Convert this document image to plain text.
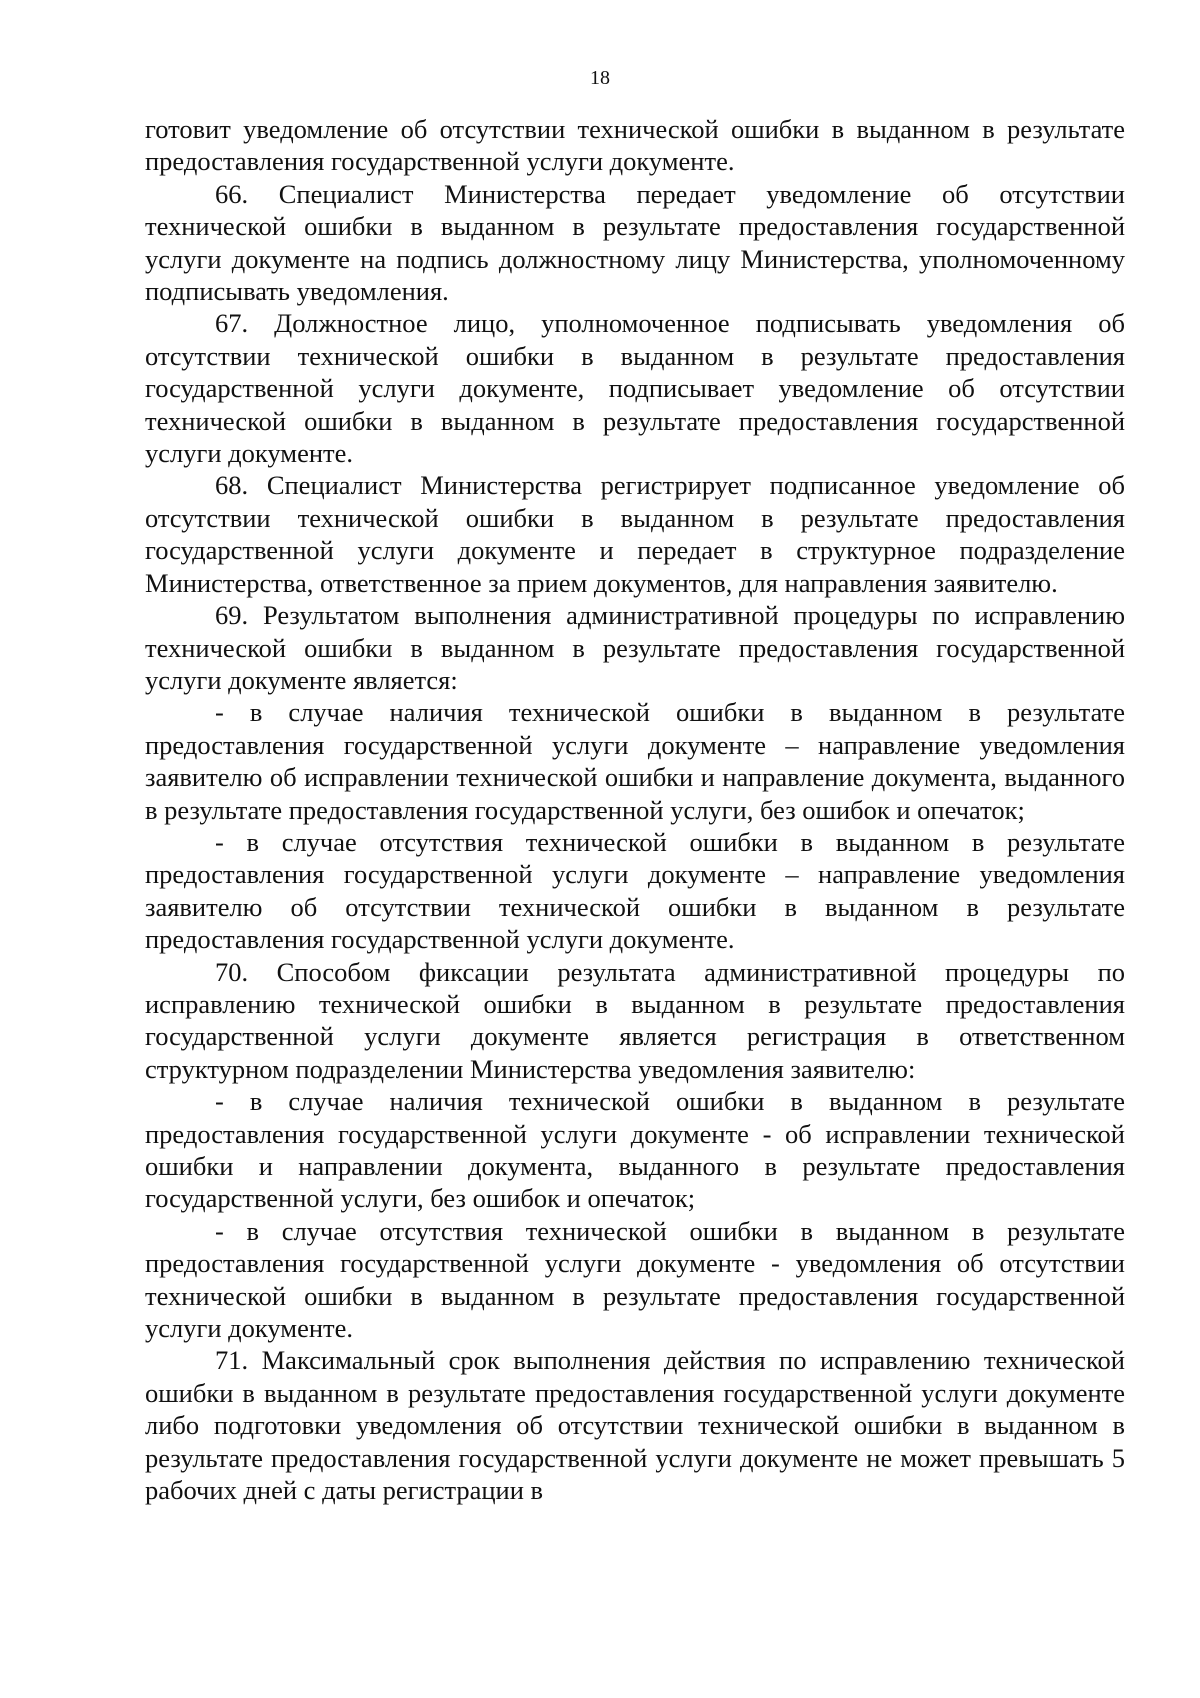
18

готовит уведомление об отсутствии технической ошибки в выданном в результате предоставления государственной услуги документе.

66. Специалист Министерства передает уведомление об отсутствии технической ошибки в выданном в результате предоставления государственной услуги документе на подпись должностному лицу Министерства, уполномоченному подписывать уведомления.

67. Должностное лицо, уполномоченное подписывать уведомления об отсутствии технической ошибки в выданном в результате предоставления государственной услуги документе, подписывает уведомление об отсутствии технической ошибки в выданном в результате предоставления государственной услуги документе.

68. Специалист Министерства регистрирует подписанное уведомление об отсутствии технической ошибки в выданном в результате предоставления государственной услуги документе и передает в структурное подразделение Министерства, ответственное за прием документов, для направления заявителю.

69. Результатом выполнения административной процедуры по исправлению технической ошибки в выданном в результате предоставления государственной услуги документе является:

- в случае наличия технической ошибки в выданном в результате предоставления государственной услуги документе – направление уведомления заявителю об исправлении технической ошибки и направление документа, выданного в результате предоставления государственной услуги, без ошибок и опечаток;

- в случае отсутствия технической ошибки в выданном в результате предоставления государственной услуги документе – направление уведомления заявителю об отсутствии технической ошибки в выданном в результате предоставления государственной услуги документе.

70. Способом фиксации результата административной процедуры по исправлению технической ошибки в выданном в результате предоставления государственной услуги документе является регистрация в ответственном структурном подразделении Министерства уведомления заявителю:

- в случае наличия технической ошибки в выданном в результате предоставления государственной услуги документе - об исправлении технической ошибки и направлении документа, выданного в результате предоставления государственной услуги, без ошибок и опечаток;

- в случае отсутствия технической ошибки в выданном в результате предоставления государственной услуги документе - уведомления об отсутствии технической ошибки в выданном в результате предоставления государственной услуги документе.

71. Максимальный срок выполнения действия по исправлению технической ошибки в выданном в результате предоставления государственной услуги документе либо подготовки уведомления об отсутствии технической ошибки в выданном в результате предоставления государственной услуги документе не может превышать 5 рабочих дней с даты регистрации в
